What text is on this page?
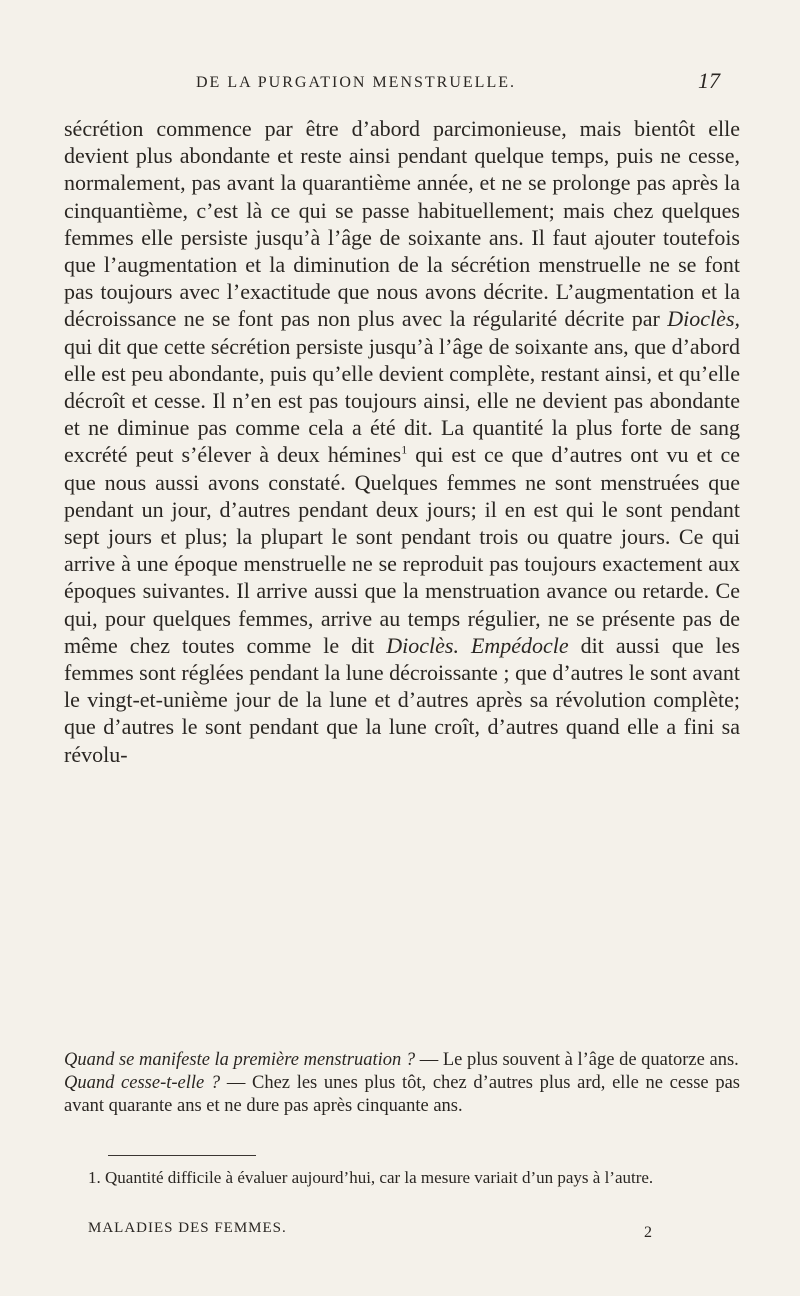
DE LA PURGATION MENSTRUELLE.	17

sécrétion commence par être d’abord parcimonieuse, mais bientôt elle devient plus abondante et reste ainsi pendant quelque temps, puis ne cesse, normalement, pas avant la quarantième année, et ne se prolonge pas après la cinquantième, c’est là ce qui se passe habituellement; mais chez quelques femmes elle persiste jusqu’à l’âge de soixante ans. Il faut ajouter toutefois que l’augmentation et la diminution de la sécrétion menstruelle ne se font pas toujours avec l’exactitude que nous avons décrite. L’augmentation et la décroissance ne se font pas non plus avec la régularité décrite par Dioclès, qui dit que cette sécrétion persiste jusqu’à l’âge de soixante ans, que d’abord elle est peu abondante, puis qu’elle devient complète, restant ainsi, et qu’elle décroît et cesse. Il n’en est pas toujours ainsi, elle ne devient pas abondante et ne diminue pas comme cela a été dit. La quantité la plus forte de sang excrété peut s’élever à deux hémines$^1$ qui est ce que d’autres ont vu et ce que nous aussi avons constaté. Quelques femmes ne sont menstruées que pendant un jour, d’autres pendant deux jours; il en est qui le sont pendant sept jours et plus; la plupart le sont pendant trois ou quatre jours. Ce qui arrive à une époque menstruelle ne se reproduit pas toujours exactement aux époques suivantes. Il arrive aussi que la menstruation avance ou retarde. Ce qui, pour quelques femmes, arrive au temps régulier, ne se présente pas de même chez toutes comme le dit Dioclès. Empédocle dit aussi que les femmes sont réglées pendant la lune décroissante ; que d’autres le sont avant le vingt-et-unième jour de la lune et d’autres après sa révolution complète; que d’autres le sont pendant que la lune croît, d’autres quand elle a fini sa révolu-

Quand se manifeste la première menstruation ? — Le plus souvent à l’âge de quatorze ans.

Quand cesse-t-elle ? — Chez les unes plus tôt, chez d’autres plus ard, elle ne cesse pas avant quarante ans et ne dure pas après cinquante ans.

1. Quantité difficile à évaluer aujourd’hui, car la mesure variait d’un pays à l’autre.

MALADIES DES FEMMES.	2
